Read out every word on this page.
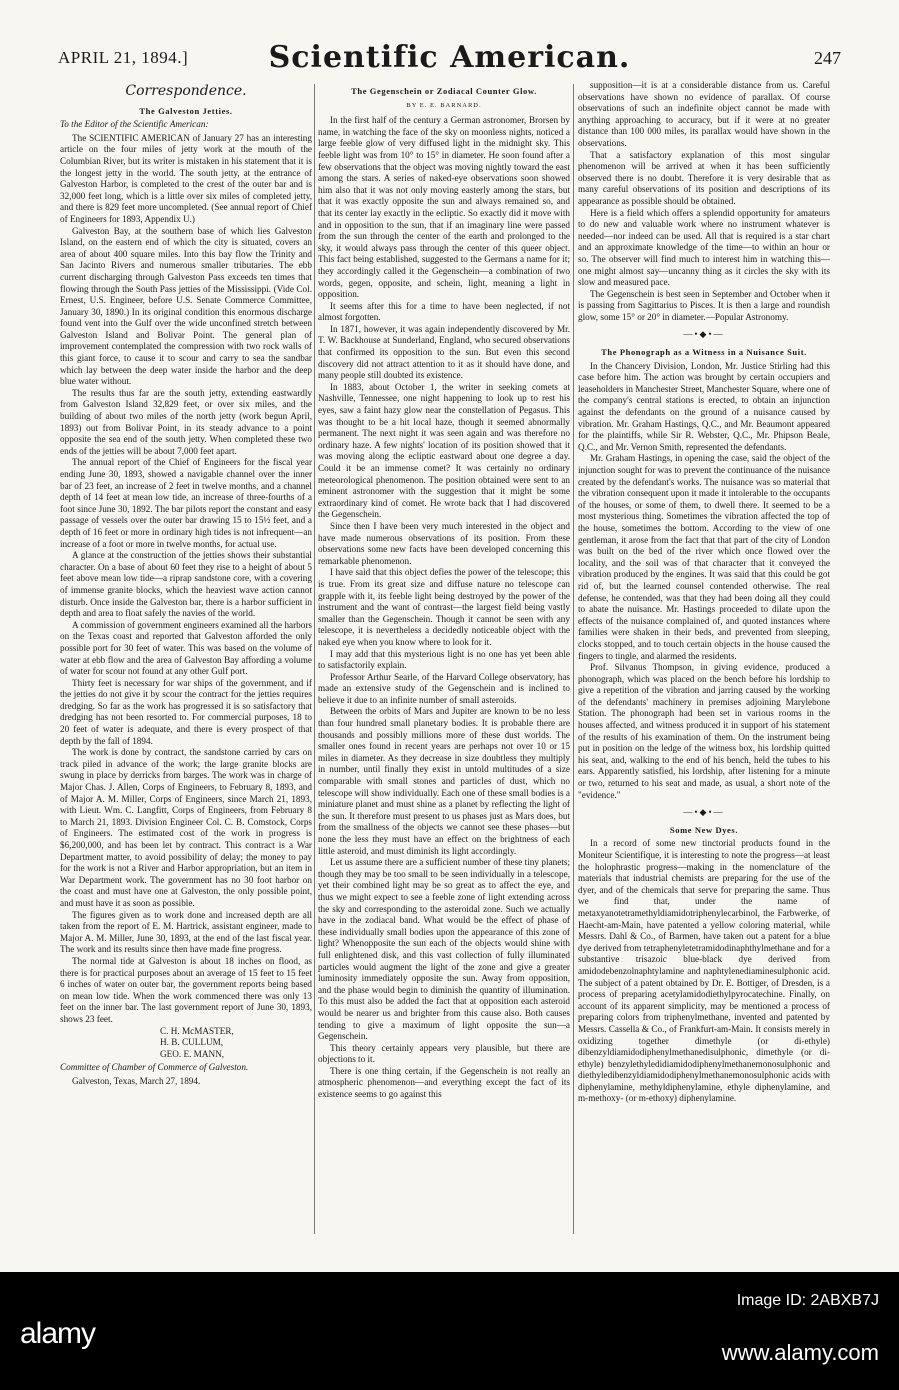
APRIL 21, 1894.]	Scientific American.	247
Correspondence.
The Galveston Jetties.
To the Editor of the Scientific American:

The SCIENTIFIC AMERICAN of January 27 has an interesting article on the four miles of jetty work at the mouth of the Columbian River, but its writer is mistaken in his statement that it is the longest jetty in the world. The south jetty, at the entrance of Galveston Harbor, is completed to the crest of the outer bar and is 32,000 feet long, which is a little over six miles of completed jetty, and there is 829 feet more uncompleted. (See annual report of Chief of Engineers for 1893, Appendix U.)

Galveston Bay, at the southern base of which lies Galveston Island, on the eastern end of which the city is situated, covers an area of about 400 square miles. Into this bay flow the Trinity and San Jacinto Rivers and numerous smaller tributaries. The ebb current discharging through Galveston Pass exceeds ten times that flowing through the South Pass jetties of the Mississippi. (Vide Col. Ernest, U.S. Engineer, before U.S. Senate Commerce Committee, January 30, 1890.) In its original condition this enormous discharge found vent into the Gulf over the wide unconfined stretch between Galveston Island and Bolivar Point. The general plan of improvement contemplated the compression with two rock walls of this giant force, to cause it to scour and carry to sea the sandbar which lay between the deep water inside the harbor and the deep blue water without.

The results thus far are the south jetty, extending eastwardly from Galveston Island 32,829 feet, or over six miles, and the building of about two miles of the north jetty (work begun April, 1893) out from Bolivar Point, in its steady advance to a point opposite the sea end of the south jetty. When completed these two ends of the jetties will be about 7,000 feet apart.

The annual report of the Chief of Engineers for the fiscal year ending June 30, 1893, showed a navigable channel over the inner bar of 23 feet, an increase of 2 feet in twelve months, and a channel depth of 14 feet at mean low tide, an increase of three-fourths of a foot since June 30, 1892. The bar pilots report the constant and easy passage of vessels over the outer bar drawing 15 to 15½ feet, and a depth of 16 feet or more in ordinary high tides is not infrequent—an increase of a foot or more in twelve months, for actual use.

A glance at the construction of the jetties shows their substantial character. On a base of about 60 feet they rise to a height of about 5 feet above mean low tide—a riprap sandstone core, with a covering of immense granite blocks, which the heaviest wave action cannot disturb. Once inside the Galveston bar, there is a harbor sufficient in depth and area to float safely the navies of the world.

A commission of government engineers examined all the harbors on the Texas coast and reported that Galveston afforded the only possible port for 30 feet of water. This was based on the volume of water at ebb flow and the area of Galveston Bay affording a volume of water for scour not found at any other Gulf port.

Thirty feet is necessary for war ships of the government, and if the jetties do not give it by scour the contract for the jetties requires dredging. So far as the work has progressed it is so satisfactory that dredging has not been resorted to. For commercial purposes, 18 to 20 feet of water is adequate, and there is every prospect of that depth by the fall of 1894.

The work is done by contract, the sandstone carried by cars on track piled in advance of the work; the large granite blocks are swung in place by derricks from barges. The work was in charge of Major Chas. J. Allen, Corps of Engineers, to February 8, 1893, and of Major A. M. Miller, Corps of Engineers, since March 21, 1893, with Lieut. Wm. C. Langfitt, Corps of Engineers, from February 8 to March 21, 1893. Division Engineer Col. C. B. Comstock, Corps of Engineers. The estimated cost of the work in progress is $6,200,000, and has been let by contract. This contract is a War Department matter, to avoid possibility of delay; the money to pay for the work is not a River and Harbor appropriation, but an item in War Department work. The government has no 30 foot harbor on the coast and must have one at Galveston, the only possible point, and must have it as soon as possible.

The figures given as to work done and increased depth are all taken from the report of E. M. Hartrick, assistant engineer, made to Major A. M. Miller, June 30, 1893, at the end of the last fiscal year. The work and its results since then have made fine progress.

The normal tide at Galveston is about 18 inches on flood, as there is for practical purposes about an average of 15 feet to 15 feet 6 inches of water on outer bar, the government reports being based on mean low tide. When the work commenced there was only 13 feet on the inner bar. The last government report of June 30, 1893, shows 23 feet.

C. H. McMASTER,
H. B. CULLUM,
GEO. E. MANN,
Committee of Chamber of Commerce of Galveston.
Galveston, Texas, March 27, 1894.
The Gegenschein or Zodiacal Counter Glow.
BY E. E. BARNARD.

In the first half of the century a German astronomer, Brorsen by name, in watching the face of the sky on moonless nights, noticed a large feeble glow of very diffused light in the midnight sky. This feeble light was from 10° to 15° in diameter. He soon found after a few observations that the object was moving nightly toward the east among the stars. A series of naked-eye observations soon showed him also that it was not only moving easterly among the stars, but that it was exactly opposite the sun and always remained so, and that its center lay exactly in the ecliptic. So exactly did it move with and in opposition to the sun, that if an imaginary line were passed from the sun through the center of the earth and prolonged to the sky, it would always pass through the center of this queer object. This fact being established, suggested to the Germans a name for it; they accordingly called it the Gegenschein—a combination of two words, gegen, opposite, and schein, light, meaning a light in opposition.

It seems after this for a time to have been neglected, if not almost forgotten.

In 1871, however, it was again independently discovered by Mr. T. W. Backhouse at Sunderland, England, who secured observations that confirmed its opposition to the sun. But even this second discovery did not attract attention to it as it should have done, and many people still doubted its existence.

In 1883, about October 1, the writer in seeking comets at Nashville, Tennessee, one night happening to look up to rest his eyes, saw a faint hazy glow near the constellation of Pegasus. This was thought to be a hit local haze, though it seemed abnormally permanent. The next night it was seen again and was therefore no ordinary haze. A few nights' location of its position showed that it was moving along the ecliptic eastward about one degree a day. Could it be an immense comet? It was certainly no ordinary meteorological phenomenon. The position obtained were sent to an eminent astronomer with the suggestion that it might be some extraordinary kind of comet. He wrote back that I had discovered the Gegenschein.

Since then I have been very much interested in the object and have made numerous observations of its position. From these observations some new facts have been developed concerning this remarkable phenomenon.

I have said that this object defies the power of the telescope; this is true. From its great size and diffuse nature no telescope can grapple with it, its feeble light being destroyed by the power of the instrument and the want of contrast—the largest field being vastly smaller than the Gegenschein. Though it cannot be seen with any telescope, it is nevertheless a decidedly noticeable object with the naked eye when you know where to look for it.

I may add that this mysterious light is no one has yet been able to satisfactorily explain.

Professor Arthur Searle, of the Harvard College observatory, has made an extensive study of the Gegenschein and is inclined to believe it due to an infinite number of small asteroids.

Between the orbits of Mars and Jupiter are known to be no less than four hundred small planetary bodies. It is probable there are thousands and possibly millions more of these dust worlds. The smaller ones found in recent years are perhaps not over 10 or 15 miles in diameter. As they decrease in size doubtless they multiply in number, until finally they exist in untold multitudes of a size comparable with small stones and particles of dust, which no telescope will show individually. Each one of these small bodies is a miniature planet and must shine as a planet by reflecting the light of the sun. It therefore must present to us phases just as Mars does, but from the smallness of the objects we cannot see these phases—but none the less they must have an effect on the brightness of each little asteroid, and must diminish its light accordingly.

Let us assume there are a sufficient number of these tiny planets; though they may be too small to be seen individually in a telescope, yet their combined light may be so great as to affect the eye, and thus we might expect to see a feeble zone of light extending across the sky and corresponding to the asteroidal zone. Such we actually have in the zodiacal band. What would be the effect of phase of these individually small bodies upon the appearance of this zone of light? Whenopposite the sun each of the objects would shine with full enlightened disk, and this vast collection of fully illuminated particles would augment the light of the zone and give a greater luminosity immediately opposite the sun. Away from opposition, and the phase would begin to diminish the quantity of illumination. To this must also be added the fact that at opposition each asteroid would be nearer us and brighter from this cause also. Both causes tending to give a maximum of light opposite the sun—a Gegenschein.

This theory certainly appears very plausible, but there are objections to it.

There is one thing certain, if the Gegenschein is not really an atmospheric phenomenon—and everything except the fact of its existence seems to go against this

supposition—it is at a considerable distance from us. Careful observations have shown no evidence of parallax. Of course observations of such an indefinite object cannot be made with anything approaching to accuracy, but if it were at no greater distance than 100 000 miles, its parallax would have shown in the observations.

That a satisfactory explanation of this most singular phenomenon will be arrived at when it has been sufficiently observed there is no doubt. Therefore it is very desirable that as many careful observations of its position and descriptions of its appearance as possible should be obtained.

Here is a field which offers a splendid opportunity for amateurs to do new and valuable work where no instrument whatever is needed—nor indeed can be used. All that is required is a star chart and an approximate knowledge of the time—to within an hour or so. The observer will find much to interest him in watching this—one might almost say—uncanny thing as it circles the sky with its slow and measured pace.

The Gegenschein is best seen in September and October when it is passing from Sagittarius to Pisces. It is then a large and roundish glow, some 15° or 20° in diameter.—Popular Astronomy.

—•◆•—
The Phonograph as a Witness in a Nuisance Suit.

In the Chancery Division, London, Mr. Justice Stirling had this case before him. The action was brought by certain occupiers and leaseholders in Manchester Street, Manchester Square, where one of the company's central stations is erected, to obtain an injunction against the defendants on the ground of a nuisance caused by vibration. Mr. Graham Hastings, Q.C., and Mr. Beaumont appeared for the plaintiffs, while Sir R. Webster, Q.C., Mr. Phipson Beale, Q.C., and Mr. Vernon Smith, represented the defendants.

Mr. Graham Hastings, in opening the case, said the object of the injunction sought for was to prevent the continuance of the nuisance created by the defendant's works. The nuisance was so material that the vibration consequent upon it made it intolerable to the occupants of the houses, or some of them, to dwell there. It seemed to be a most mysterious thing. Sometimes the vibration affected the top of the house, sometimes the bottom. According to the view of one gentleman, it arose from the fact that that part of the city of London was built on the bed of the river which once flowed over the locality, and the soil was of that character that it conveyed the vibration produced by the engines. It was said that this could be got rid of, but the learned counsel contended otherwise. The real defense, he contended, was that they had been doing all they could to abate the nuisance. Mr. Hastings proceeded to dilate upon the effects of the nuisance complained of, and quoted instances where families were shaken in their beds, and prevented from sleeping, clocks stopped, and to touch certain objects in the house caused the fingers to tingle, and alarmed the residents.

Prof. Silvanus Thompson, in giving evidence, produced a phonograph, which was placed on the bench before his lordship to give a repetition of the vibration and jarring caused by the working of the defendants' machinery in premises adjoining Marylebone Station. The phonograph had been set in various rooms in the houses affected, and witness produced it in support of his statement of the results of his examination of them. On the instrument being put in position on the ledge of the witness box, his lordship quitted his seat, and, walking to the end of his bench, held the tubes to his ears. Apparently satisfied, his lordship, after listening for a minute or two, returned to his seat and made, as usual, a short note of the "evidence."

—•◆•—
Some New Dyes.

In a record of some new tinctorial products found in the Moniteur Scientifique, it is interesting to note the progress—at least the holophrastic progress—making in the nomenclature of the materials that industrial chemists are preparing for the use of the dyer, and of the chemicals that serve for preparing the same. Thus we find that, under the name of metaxyanotetramethyldiamidotriphenylecarbinol, the Farbwerke, of Haecht-am-Main, have patented a yellow coloring material, while Messrs. Dahl & Co., of Barmen, have taken out a patent for a blue dye derived from tetraphenyletetramidodinaphthylmethane and for a substantive trisazoic blue-black dye derived from amidodebenzolnaphtylamine and naphtylenediaminesulphonic acid. The subject of a patent obtained by Dr. E. Bottiger, of Dresden, is a process of preparing acetylamidodiethylpyrocatechine. Finally, on account of its apparent simplicity, may be mentioned a process of preparing colors from triphenylmethane, invented and patented by Messrs. Cassella & Co., of Frankfurt-am-Main. It consists merely in oxidizing together dimethyle (or di-ethyle) dibenzyldiamidodiphenylmethanedisulphonic, dimethyle (or di-ethyle) benzylethyledidiamidodiphenylmethanemonosulphonic and diethyledibenzyldiamidodiphenylmethanemonosulphonic acids with diphenylamine, methyldiphenylamine, ethyle diphenylamine, and m-methoxy- (or m-ethoxy) diphenylamine.

alamy
Image ID: 2ABXB7J
www.alamy.com
